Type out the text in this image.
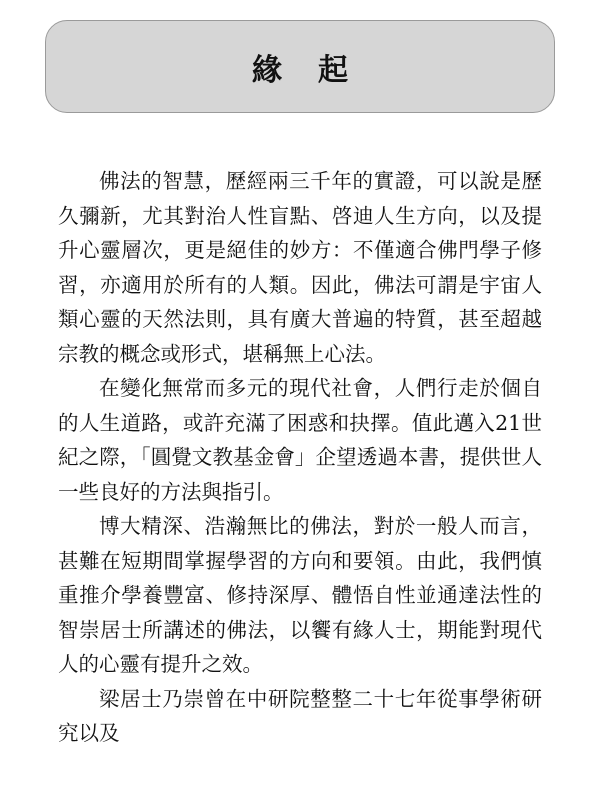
緣起

佛法的智慧，歷經兩三千年的實證，可以說是歷久彌新，尤其對治人性盲點、啓迪人生方向，以及提升心靈層次，更是絕佳的妙方：不僅適合佛門學子修習，亦適用於所有的人類。因此，佛法可謂是宇宙人類心靈的天然法則，具有廣大普遍的特質，甚至超越宗教的概念或形式，堪稱無上心法。

在變化無常而多元的現代社會，人們行走於個自的人生道路，或許充滿了困惑和抉擇。值此邁入21世紀之際，「圓覺文教基金會」企望透過本書，提供世人一些良好的方法與指引。

博大精深、浩瀚無比的佛法，對於一般人而言，甚難在短期間掌握學習的方向和要領。由此，我們慎重推介學養豐富、修持深厚、體悟自性並通達法性的智崇居士所講述的佛法，以饗有緣人士，期能對現代人的心靈有提升之效。

梁居士乃崇曾在中研院整整二十七年從事學術研究以及
